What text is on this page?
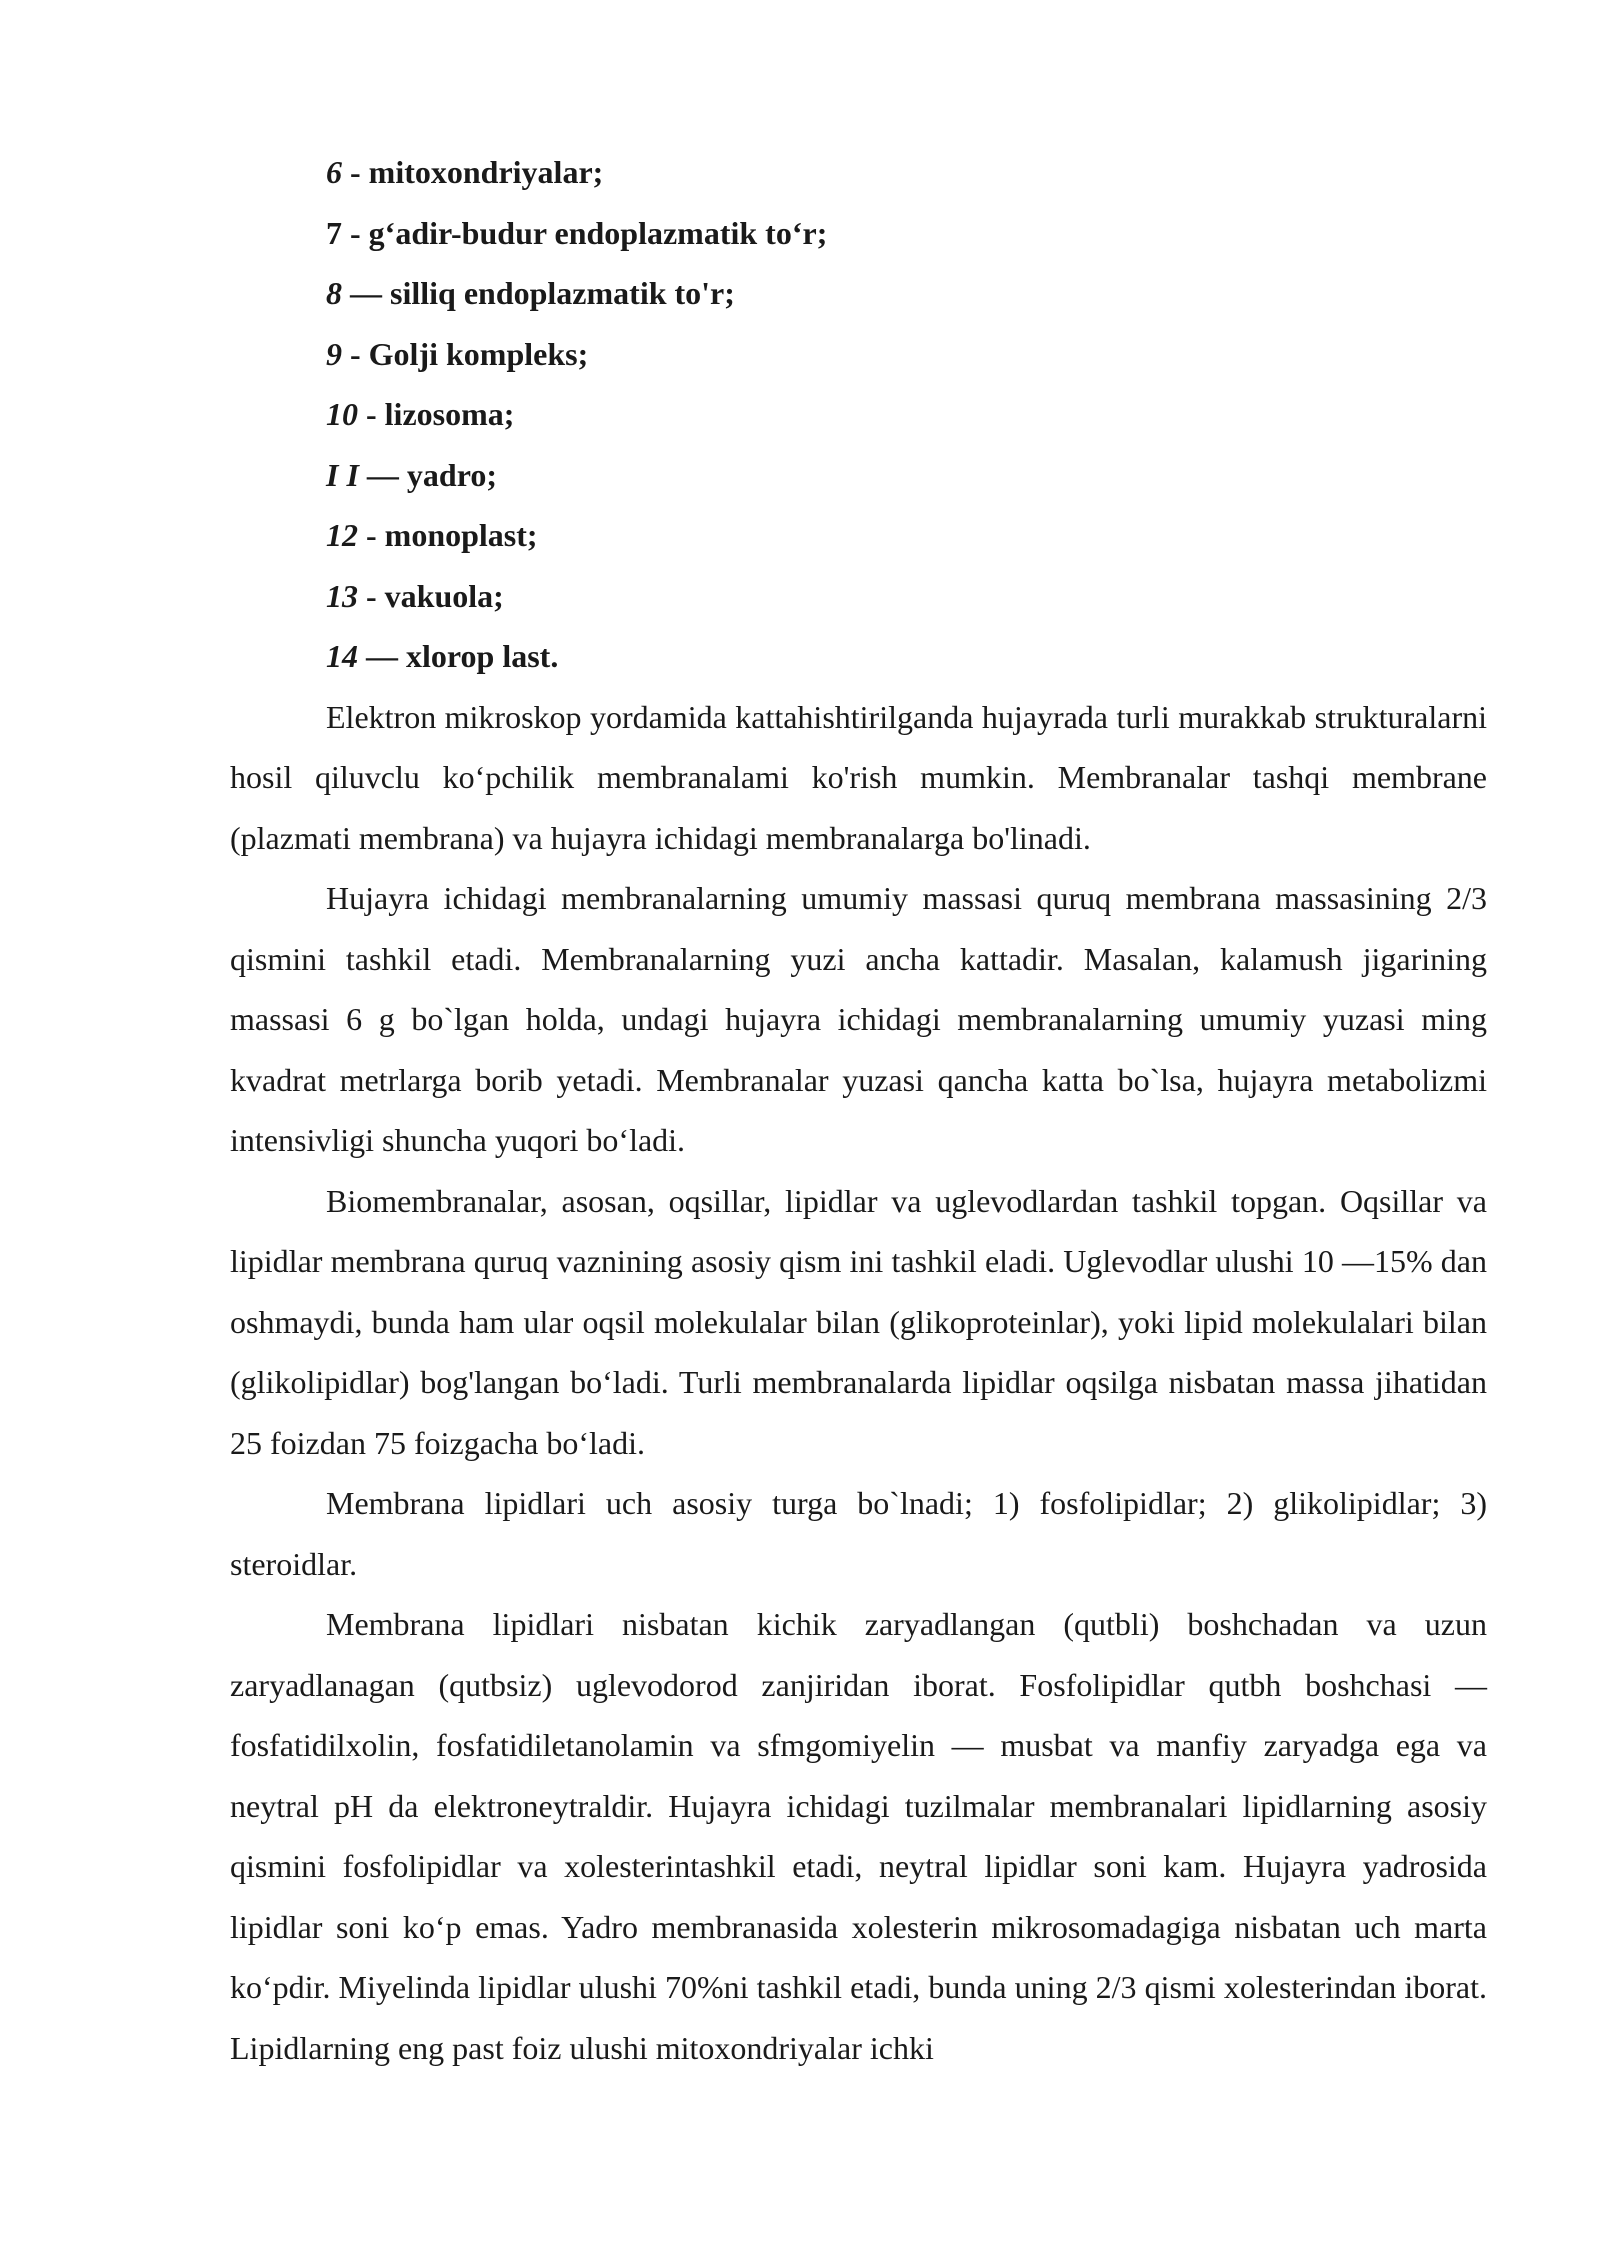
6 - mitoxondriyalar;
7 - g‘adir-budur endoplazmatik to‘r;
8 — silliq endoplazmatik to'r;
9 - Golji kompleks;
10 - lizosoma;
I I — yadro;
12 - monoplast;
13 - vakuola;
14 — xlorop last.

Elektron mikroskop yordamida kattahishtirilganda hujayrada turli murakkab strukturalarni hosil qiluvclu ko‘pchilik membranalami ko'rish mumkin. Membranalar tashqi membrane (plazmati membrana) va hujayra ichidagi membranalarga bo'linadi.

Hujayra ichidagi membranalarning umumiy massasi quruq membrana massasining 2/3 qismini tashkil etadi. Membranalarning yuzi ancha kattadir. Masalan, kalamush jigarining massasi 6 g bo`lgan holda, undagi hujayra ichidagi membranalarning umumiy yuzasi ming kvadrat metrlarga borib yetadi. Membranalar yuzasi qancha katta bo`lsa, hujayra metabolizmi intensivligi shuncha yuqori bo‘ladi.

Biomembranalar, asosan, oqsillar, lipidlar va uglevodlardan tashkil topgan. Oqsillar va lipidlar membrana quruq vaznining asosiy qism ini tashkil eladi. Uglevodlar ulushi 10 —15% dan oshmaydi, bunda ham ular oqsil molekulalar bilan (glikoproteinlar), yoki lipid molekulalari bilan (glikolipidlar) bog'langan bo‘ladi. Turli membranalarda lipidlar oqsilga nisbatan massa jihatidan 25 foizdan 75 foizgacha bo‘ladi.

Membrana lipidlari uch asosiy turga bo`lnadi; 1) fosfolipidlar; 2) glikolipidlar; 3) steroidlar.

Membrana lipidlari nisbatan kichik zaryadlangan (qutbli) boshchadan va uzun zaryadlanagan (qutbsiz) uglevodorod zanjiridan iborat. Fosfolipidlar qutbh boshchasi — fosfatidilxolin, fosfatidiletanolamin va sfmgomiyelin — musbat va manfiy zaryadga ega va neytral pH da elektroneytraldir. Hujayra ichidagi tuzilmalar membranalari lipidlarning asosiy qismini fosfolipidlar va xolesterintashkil etadi, neytral lipidlar soni kam. Hujayra yadrosida lipidlar soni ko‘p emas. Yadro membranasida xolesterin mikrosomadagiga nisbatan uch marta ko‘pdir. Miyelinda lipidlar ulushi 70%ni tashkil etadi, bunda uning 2/3 qismi xolesterindan iborat. Lipidlarning eng past foiz ulushi mitoxondriyalar ichki
